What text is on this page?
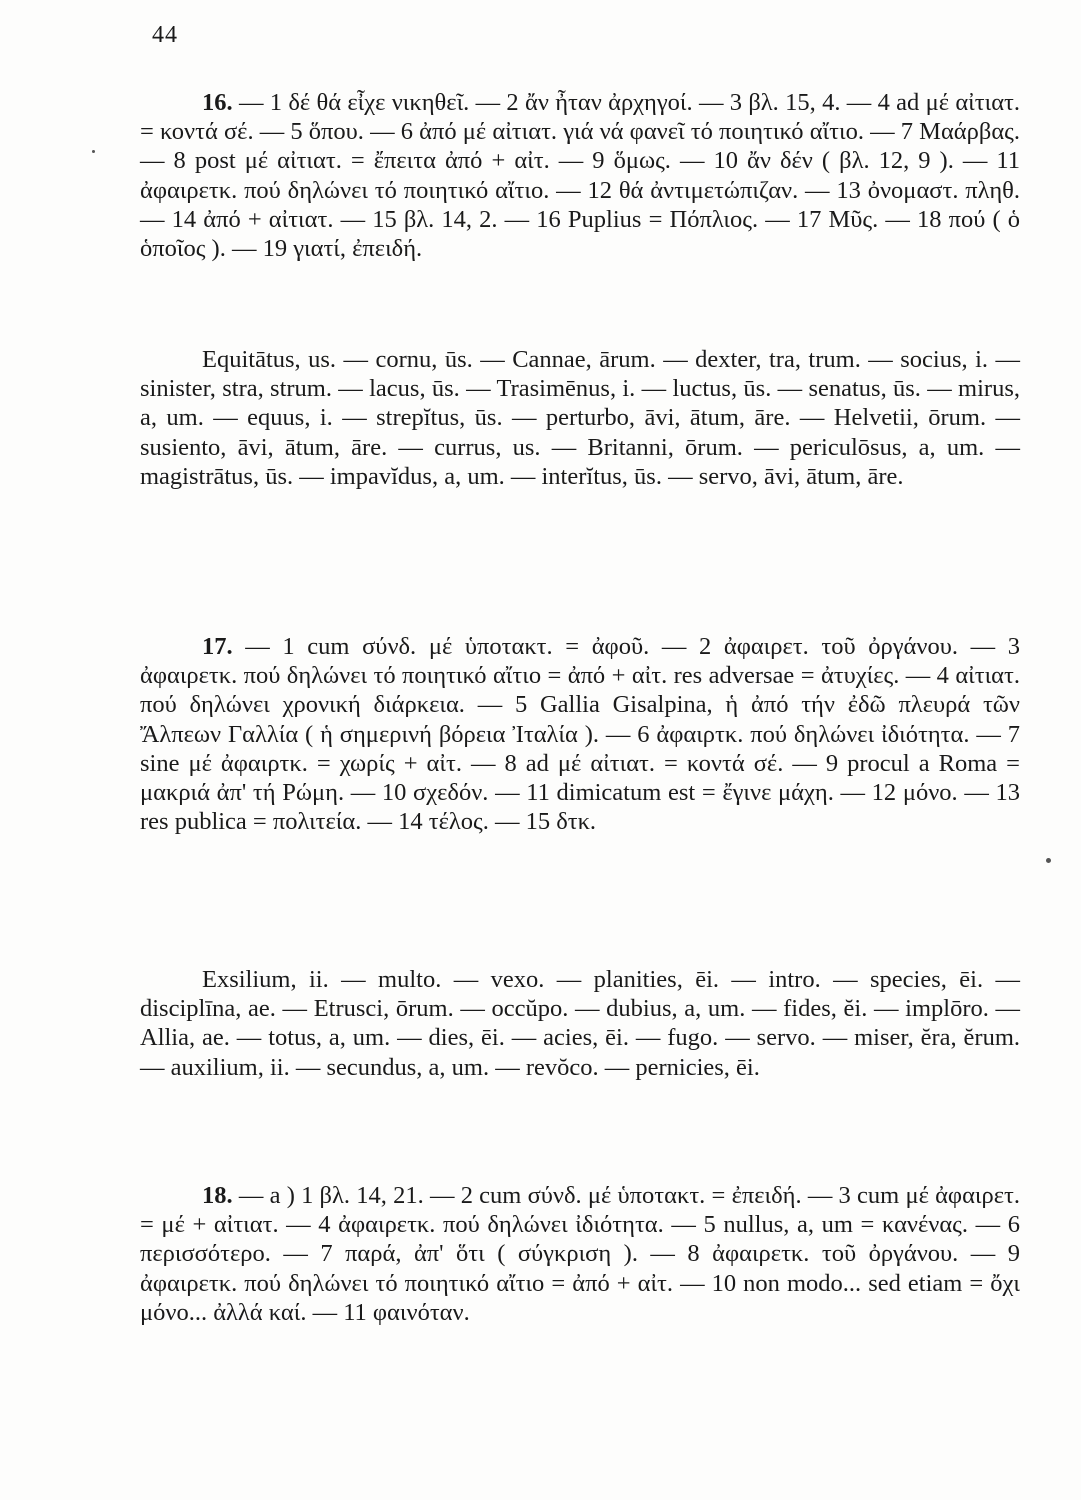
44

16. — 1 δέ θά εἶχε νικηθεῖ. — 2 ἄν ἦταν ἀρχηγοί. — 3 βλ. 15, 4. — 4 ad μέ αἰτιατ. = κοντά σέ. — 5 ὅπου. — 6 ἀπό μέ αἰτιατ. γιά νά φανεῖ τό ποιητικό αἴτιο. — 7 Μαάρβας. — 8 post μέ αἰτιατ. = ἔπειτα ἀπό + αἰτ. — 9 ὅμως. — 10 ἄν δέν ( βλ. 12, 9 ). — 11 ἀφαιρετκ. πού δηλώνει τό ποιητικό αἴτιο. — 12 θά ἀντιμετώπιζαν. — 13 ὀνομαστ. πληθ. — 14 ἀπό + αἰτιατ. — 15 βλ. 14, 2. — 16 Puplius = Πόπλιος. — 17 Μῦς. — 18 πού ( ὁ ὁποῖος ). — 19 γιατί, ἐπειδή.

Equitātus, us. — cornu, ūs. — Cannae, ārum. — dexter, tra, trum. — socius, i. — sinister, stra, strum. — lacus, ūs. — Trasimēnus, i. — luctus, ūs. — senatus, ūs. — mirus, a, um. — equus, i. — strepĭtus, ūs. — perturbo, āvi, ātum, āre. — Helvetii, ōrum. — susiento, āvi, ātum, āre. — currus, us. — Britanni, ōrum. — periculōsus, a, um. — magistrātus, ūs. — impavĭdus, a, um. — interĭtus, ūs. — servo, āvi, ātum, āre.

17. — 1 cum σύνδ. μέ ὑποτακτ. = ἀφοῦ. — 2 ἀφαιρετ. τοῦ ὀργάνου. — 3 ἀφαιρετκ. πού δηλώνει τό ποιητικό αἴτιο = ἀπό + αἰτ. res adversae = ἀτυχίες. — 4 αἰτιατ. πού δηλώνει χρονική διάρκεια. — 5 Gallia Gisalpina, ἡ ἀπό τήν ἐδῶ πλευρά τῶν Ἄλπεων Γαλλία ( ἡ σημερινή βόρεια Ἰταλία ). — 6 ἀφαιρτκ. πού δηλώνει ἰδιότητα. — 7 sine μέ ἀφαιρτκ. = χωρίς + αἰτ. — 8 ad μέ αἰτιατ. = κοντά σέ. — 9 procul a Roma = μακριά ἀπ' τή Ρώμη. — 10 σχεδόν. — 11 dimicatum est = ἔγινε μάχη. — 12 μόνο. — 13 res publica = πολιτεία. — 14 τέλος. — 15 δτκ.

Exsilium, ii. — multo. — vexo. — planities, ēi. — intro. — species, ēi. — disciplīna, ae. — Etrusci, ōrum. — occŭpo. — dubius, a, um. — fides, ĕi. — implōro. — Allia, ae. — totus, a, um. — dies, ēi. — acies, ēi. — fugo. — servo. — miser, ĕra, ĕrum. — auxilium, ii. — secundus, a, um. — revŏco. — pernicies, ēi.

18. — a ) 1 βλ. 14, 21. — 2 cum σύνδ. μέ ὑποτακτ. = ἐπειδή. — 3 cum μέ ἀφαιρετ. = μέ + αἰτιατ. — 4 ἀφαιρετκ. πού δηλώνει ἰδιότητα. — 5 nullus, a, um = κανένας. — 6 περισσότερο. — 7 παρά, ἀπ' ὅτι ( σύγκριση ). — 8 ἀφαιρετκ. τοῦ ὀργάνου. — 9 ἀφαιρετκ. πού δηλώνει τό ποιητικό αἴτιο = ἀπό + αἰτ. — 10 non modo... sed etiam = ὄχι μόνο... ἀλλά καί. — 11 φαινόταν.
